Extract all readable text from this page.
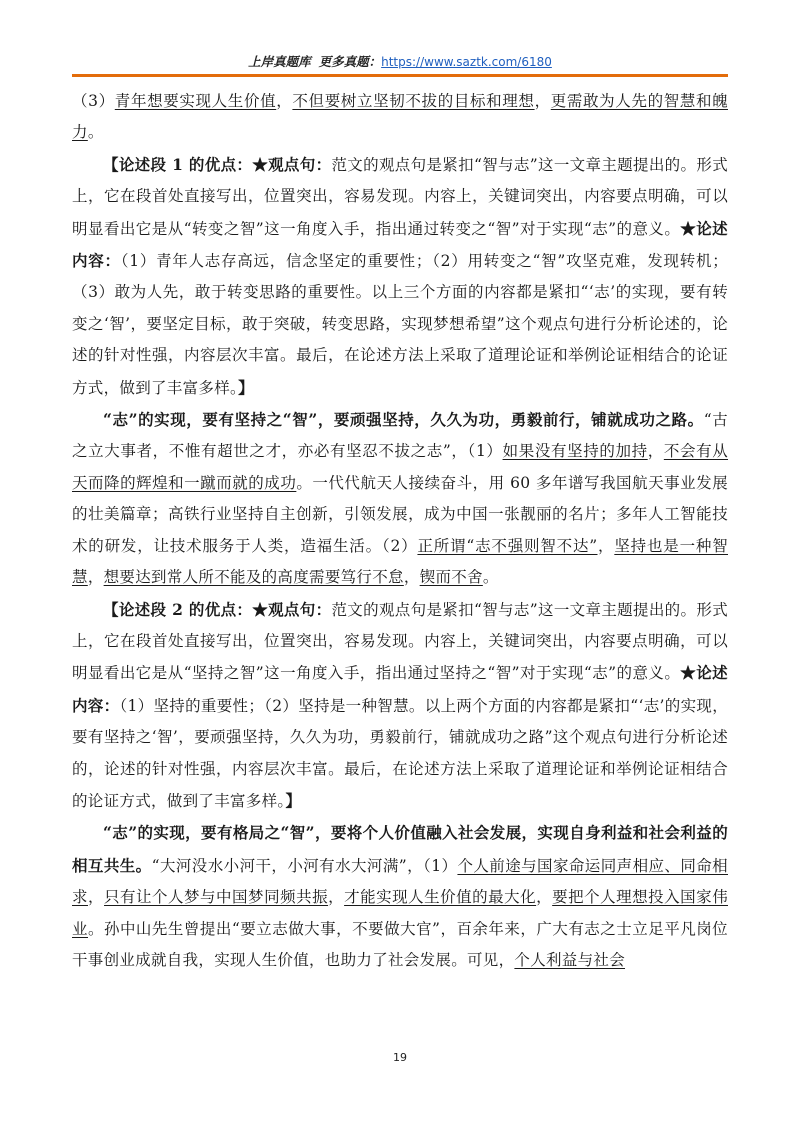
上岸真题库 更多真题：https://www.saztk.com/6180

（3）青年想要实现人生价值，不但要树立坚韧不拔的目标和理想，更需敢为人先的智慧和魄力。

【论述段 1 的优点：★观点句：范文的观点句是紧扣“智与志”这一文章主题提出的。形式上，它在段首处直接写出，位置突出，容易发现。内容上，关键词突出，内容要点明确，可以明显看出它是从“转变之智”这一角度入手，指出通过转变之“智”对于实现“志”的意义。★论述内容：（1）青年人志存高远，信念坚定的重要性；（2）用转变之“智”攻坚克难，发现转机；（3）敢为人先，敢于转变思路的重要性。以上三个方面的内容都是紧扣“‘志’的实现，要有转变之‘智’，要坚定目标，敢于突破，转变思路，实现梦想希望”这个观点句进行分析论述的，论述的针对性强，内容层次丰富。最后，在论述方法上采取了道理论证和举例论证相结合的论证方式，做到了丰富多样。】

“志”的实现，要有坚持之“智”，要顽强坚持，久久为功，勇毅前行，铺就成功之路。“古之立大事者，不惟有超世之才，亦必有坚忍不拔之志”，（1）如果没有坚持的加持，不会有从天而降的辉煌和一蹴而就的成功。一代代航天人接续奋斗，用 60 多年谱写我国航天事业发展的壮美篇章；高铁行业坚持自主创新，引领发展，成为中国一张靓丽的名片；多年人工智能技术的研发，让技术服务于人类，造福生活。（2）正所谓“志不强则智不达”，坚持也是一种智慧，想要达到常人所不能及的高度需要笃行不怠，锲而不舍。

【论述段 2 的优点：★观点句：范文的观点句是紧扣“智与志”这一文章主题提出的。形式上，它在段首处直接写出，位置突出，容易发现。内容上，关键词突出，内容要点明确，可以明显看出它是从“坚持之智”这一角度入手，指出通过坚持之“智”对于实现“志”的意义。★论述内容：（1）坚持的重要性；（2）坚持是一种智慧。以上两个方面的内容都是紧扣“‘志’的实现，要有坚持之‘智’，要顽强坚持，久久为功，勇毅前行，铺就成功之路”这个观点句进行分析论述的，论述的针对性强，内容层次丰富。最后，在论述方法上采取了道理论证和举例论证相结合的论证方式，做到了丰富多样。】

“志”的实现，要有格局之“智”，要将个人价值融入社会发展，实现自身利益和社会利益的相互共生。“大河没水小河干，小河有水大河满”，（1）个人前途与国家命运同声相应、同命相求，只有让个人梦与中国梦同频共振，才能实现人生价值的最大化，要把个人理想投入国家伟业。孙中山先生曾提出“要立志做大事，不要做大官”，百余年来，广大有志之士立足平凡岗位干事创业成就自我，实现人生价值，也助力了社会发展。可见，个人利益与社会

19
